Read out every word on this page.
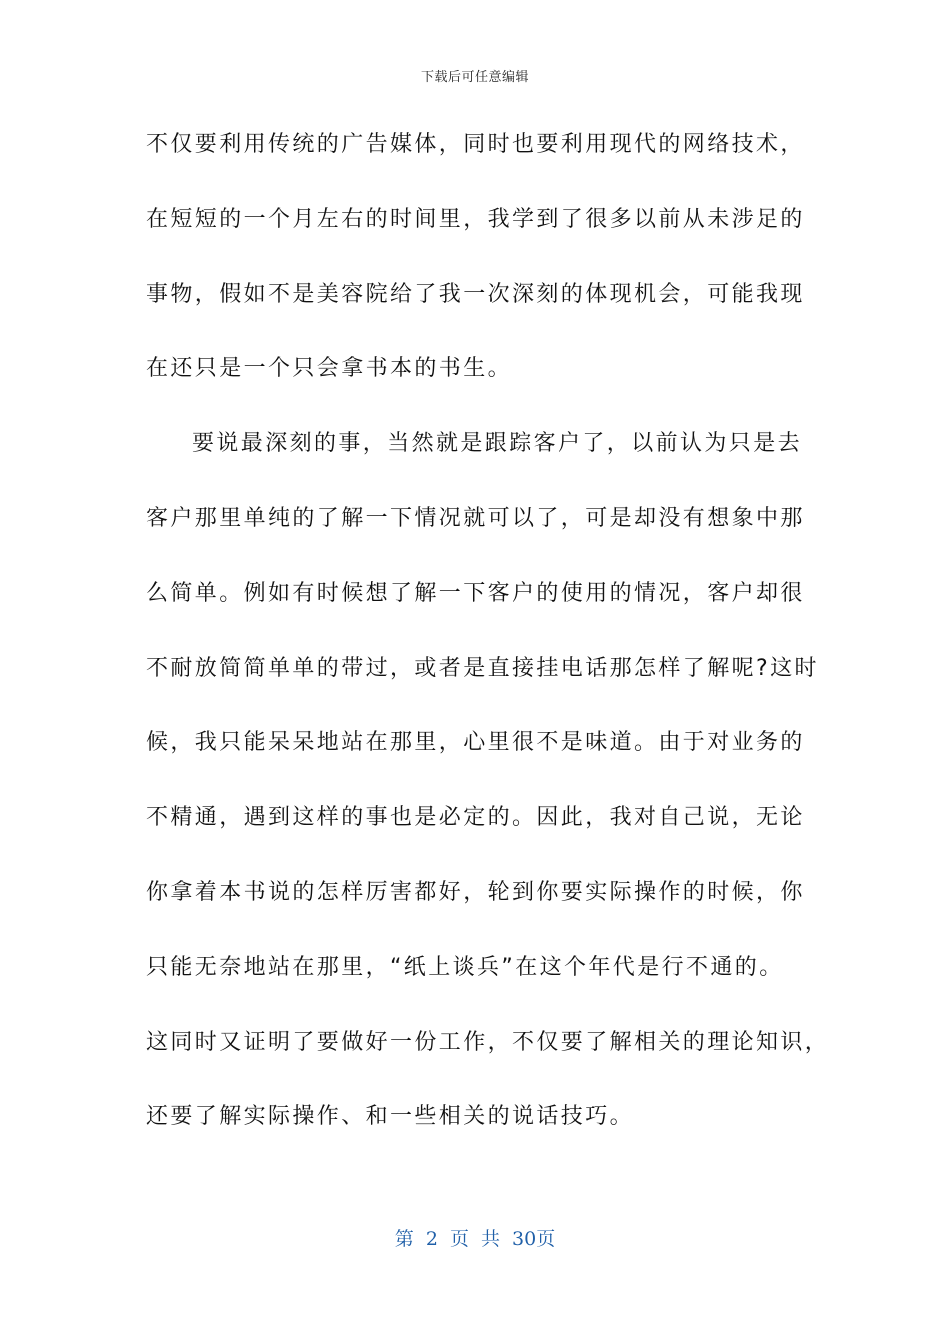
下载后可任意编辑
不仅要利用传统的广告媒体，同时也要利用现代的网络技术，
在短短的一个月左右的时间里，我学到了很多以前从未涉足的
事物，假如不是美容院给了我一次深刻的体现机会，可能我现
在还只是一个只会拿书本的书生。
要说最深刻的事，当然就是跟踪客户了，以前认为只是去
客户那里单纯的了解一下情况就可以了，可是却没有想象中那
么简单。例如有时候想了解一下客户的使用的情况，客户却很
不耐放简简单单的带过，或者是直接挂电话那怎样了解呢?这时
候，我只能呆呆地站在那里，心里很不是味道。由于对业务的
不精通，遇到这样的事也是必定的。因此，我对自己说，无论
你拿着本书说的怎样厉害都好，轮到你要实际操作的时候，你
只能无奈地站在那里，“纸上谈兵”在这个年代是行不通的。
这同时又证明了要做好一份工作，不仅要了解相关的理论知识，
还要了解实际操作、和一些相关的说话技巧。
第 2 页 共 30页
